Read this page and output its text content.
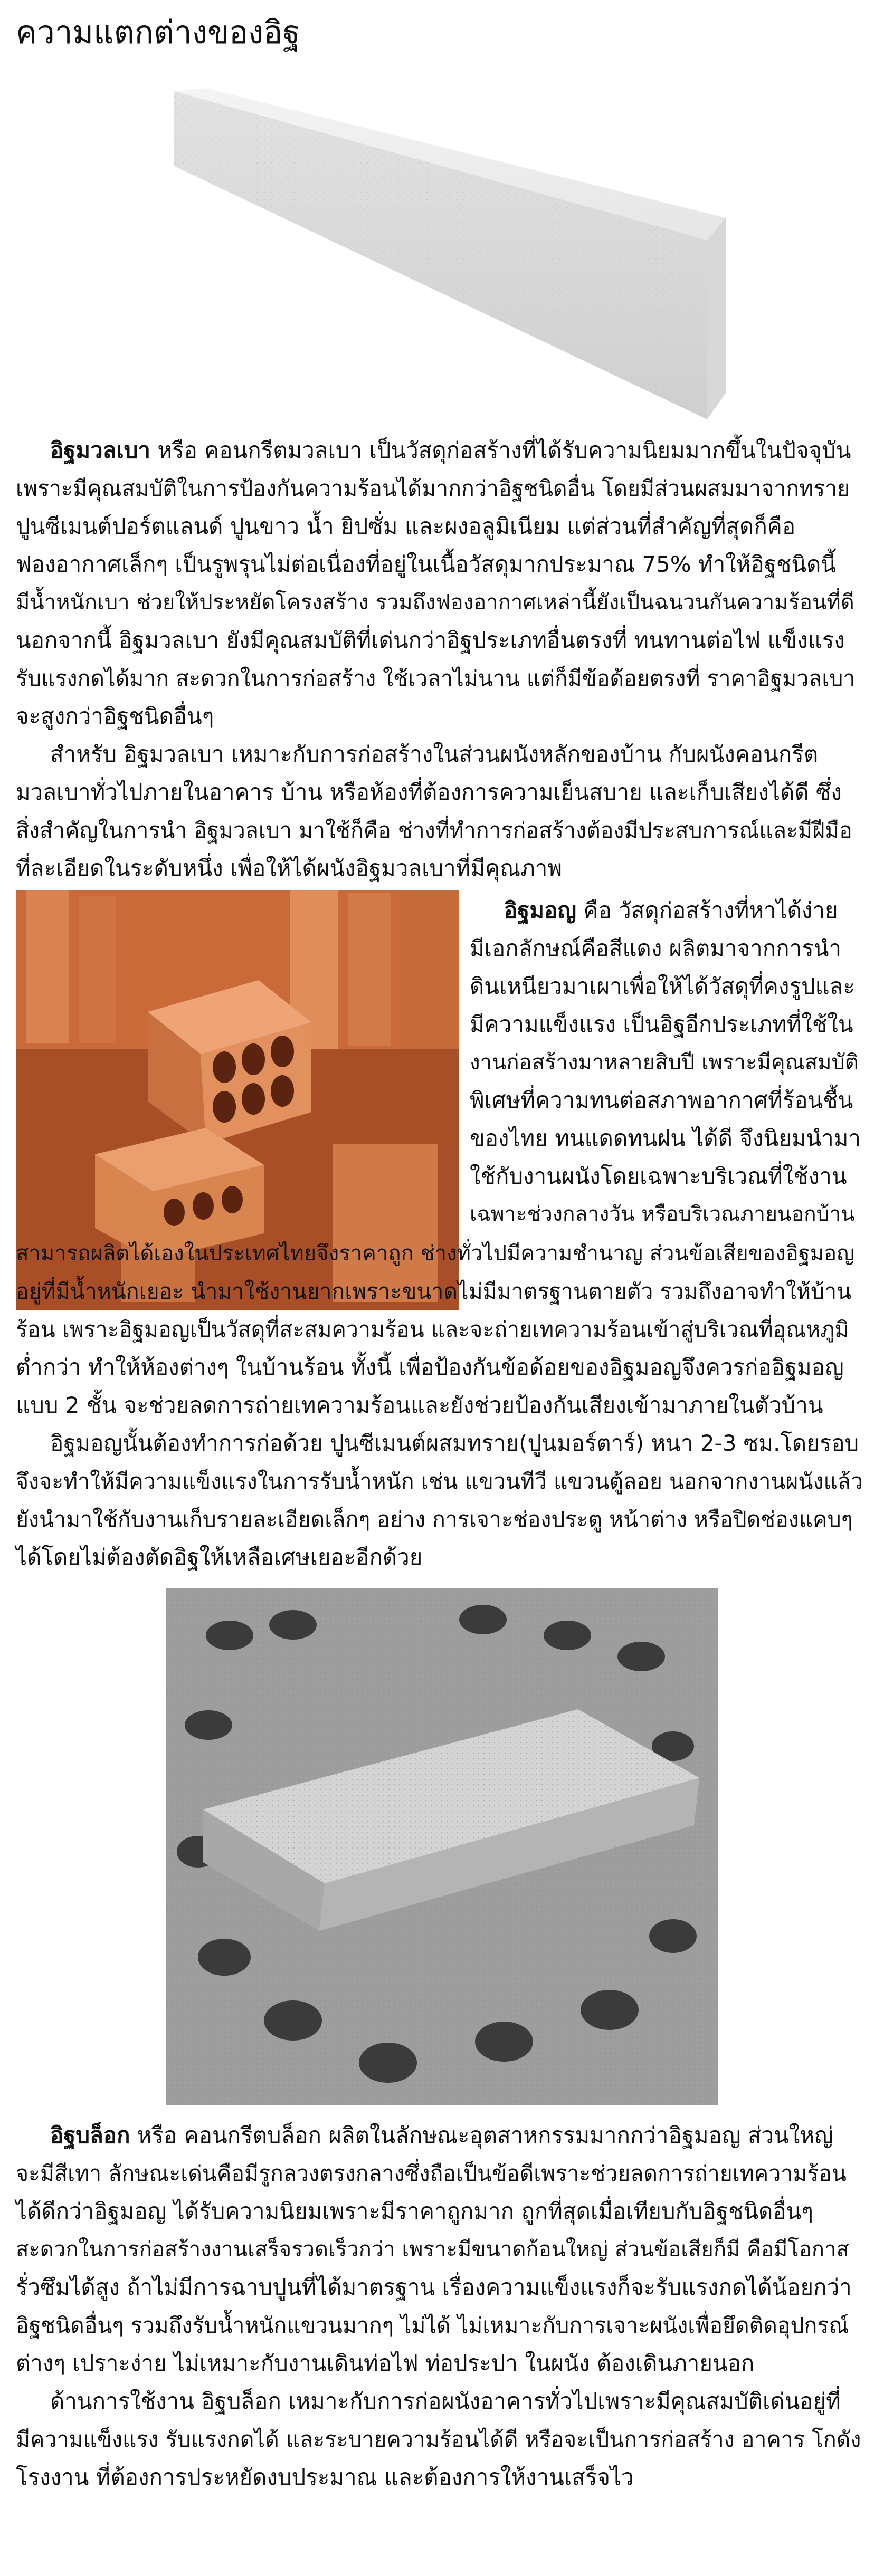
ความแตกต่างของอิฐ

อิฐมวลเบา หรือ คอนกรีตมวลเบา เป็นวัสดุก่อสร้างที่ได้รับความนิยมมากขึ้นในปัจจุบัน

เพราะมีคุณสมบัติในการป้องกันความร้อนได้มากกว่าอิฐชนิดอื่น โดยมีส่วนผสมมาจากทราย

ปูนซีเมนต์ปอร์ตแลนด์ ปูนขาว น้ำ ยิปซั่ม และผงอลูมิเนียม แต่ส่วนที่สำคัญที่สุดก็คือ

ฟองอากาศเล็กๆ เป็นรูพรุนไม่ต่อเนื่องที่อยู่ในเนื้อวัสดุมากประมาณ 75% ทำให้อิฐชนิดนี้

มีน้ำหนักเบา ช่วยให้ประหยัดโครงสร้าง รวมถึงฟองอากาศเหล่านี้ยังเป็นฉนวนกันความร้อนที่ดี

นอกจากนี้ อิฐมวลเบา ยังมีคุณสมบัติที่เด่นกว่าอิฐประเภทอื่นตรงที่ ทนทานต่อไฟ แข็งแรง

รับแรงกดได้มาก สะดวกในการก่อสร้าง ใช้เวลาไม่นาน แต่ก็มีข้อด้อยตรงที่ ราคาอิฐมวลเบา

จะสูงกว่าอิฐชนิดอื่นๆ

สำหรับ อิฐมวลเบา เหมาะกับการก่อสร้างในส่วนผนังหลักของบ้าน กับผนังคอนกรีต

มวลเบาทั่วไปภายในอาคาร บ้าน หรือห้องที่ต้องการความเย็นสบาย และเก็บเสียงได้ดี ซึ่ง

สิ่งสำคัญในการนำ อิฐมวลเบา มาใช้ก็คือ ช่างที่ทำการก่อสร้างต้องมีประสบการณ์และมีฝีมือ

ที่ละเอียดในระดับหนึ่ง เพื่อให้ได้ผนังอิฐมวลเบาที่มีคุณภาพ

อิฐมอญ คือ วัสดุก่อสร้างที่หาได้ง่าย

มีเอกลักษณ์คือสีแดง ผลิตมาจากการนำ

ดินเหนียวมาเผาเพื่อให้ได้วัสดุที่คงรูปและ

มีความแข็งแรง เป็นอิฐอีกประเภทที่ใช้ใน

งานก่อสร้างมาหลายสิบปี เพราะมีคุณสมบัติ

พิเศษที่ความทนต่อสภาพอากาศที่ร้อนชื้น

ของไทย ทนแดดทนฝน ได้ดี จึงนิยมนำมา

ใช้กับงานผนังโดยเฉพาะบริเวณที่ใช้งาน

เฉพาะช่วงกลางวัน หรือบริเวณภายนอกบ้าน

สามารถผลิตได้เองในประเทศไทยจึงราคาถูก ช่างทั่วไปมีความชำนาญ ส่วนข้อเสียของอิฐมอญ

อยู่ที่มีน้ำหนักเยอะ นำมาใช้งานยากเพราะขนาดไม่มีมาตรฐานตายตัว รวมถึงอาจทำให้บ้าน

ร้อน เพราะอิฐมอญเป็นวัสดุที่สะสมความร้อน และจะถ่ายเทความร้อนเข้าสู่บริเวณที่อุณหภูมิ

ต่ำกว่า ทำให้ห้องต่างๆ ในบ้านร้อน ทั้งนี้ เพื่อป้องกันข้อด้อยของอิฐมอญจึงควรก่ออิฐมอญ

แบบ 2 ชั้น จะช่วยลดการถ่ายเทความร้อนและยังช่วยป้องกันเสียงเข้ามาภายในตัวบ้าน

อิฐมอญนั้นต้องทำการก่อด้วย ปูนซีเมนต์ผสมทราย(ปูนมอร์ตาร์) หนา 2-3 ซม.โดยรอบ

จึงจะทำให้มีความแข็งแรงในการรับน้ำหนัก เช่น แขวนทีวี แขวนตู้ลอย นอกจากงานผนังแล้ว

ยังนำมาใช้กับงานเก็บรายละเอียดเล็กๆ อย่าง การเจาะช่องประตู หน้าต่าง หรือปิดช่องแคบๆ

ได้โดยไม่ต้องตัดอิฐให้เหลือเศษเยอะอีกด้วย

อิฐบล็อก หรือ คอนกรีตบล็อก ผลิตในลักษณะอุตสาหกรรมมากกว่าอิฐมอญ ส่วนใหญ่

จะมีสีเทา ลักษณะเด่นคือมีรูกลวงตรงกลางซึ่งถือเป็นข้อดีเพราะช่วยลดการถ่ายเทความร้อน

ได้ดีกว่าอิฐมอญ ได้รับความนิยมเพราะมีราคาถูกมาก ถูกที่สุดเมื่อเทียบกับอิฐชนิดอื่นๆ

สะดวกในการก่อสร้างงานเสร็จรวดเร็วกว่า เพราะมีขนาดก้อนใหญ่ ส่วนข้อเสียก็มี คือมีโอกาส

รั่วซึมได้สูง ถ้าไม่มีการฉาบปูนที่ได้มาตรฐาน เรื่องความแข็งแรงก็จะรับแรงกดได้น้อยกว่า

อิฐชนิดอื่นๆ รวมถึงรับน้ำหนักแขวนมากๆ ไม่ได้ ไม่เหมาะกับการเจาะผนังเพื่อยึดติดอุปกรณ์

ต่างๆ เปราะง่าย ไม่เหมาะกับงานเดินท่อไฟ ท่อประปา ในผนัง ต้องเดินภายนอก

ด้านการใช้งาน อิฐบล็อก เหมาะกับการก่อผนังอาคารทั่วไปเพราะมีคุณสมบัติเด่นอยู่ที่

มีความแข็งแรง รับแรงกดได้ และระบายความร้อนได้ดี หรือจะเป็นการก่อสร้าง อาคาร โกดัง

โรงงาน ที่ต้องการประหยัดงบประมาณ และต้องการให้งานเสร็จไว
